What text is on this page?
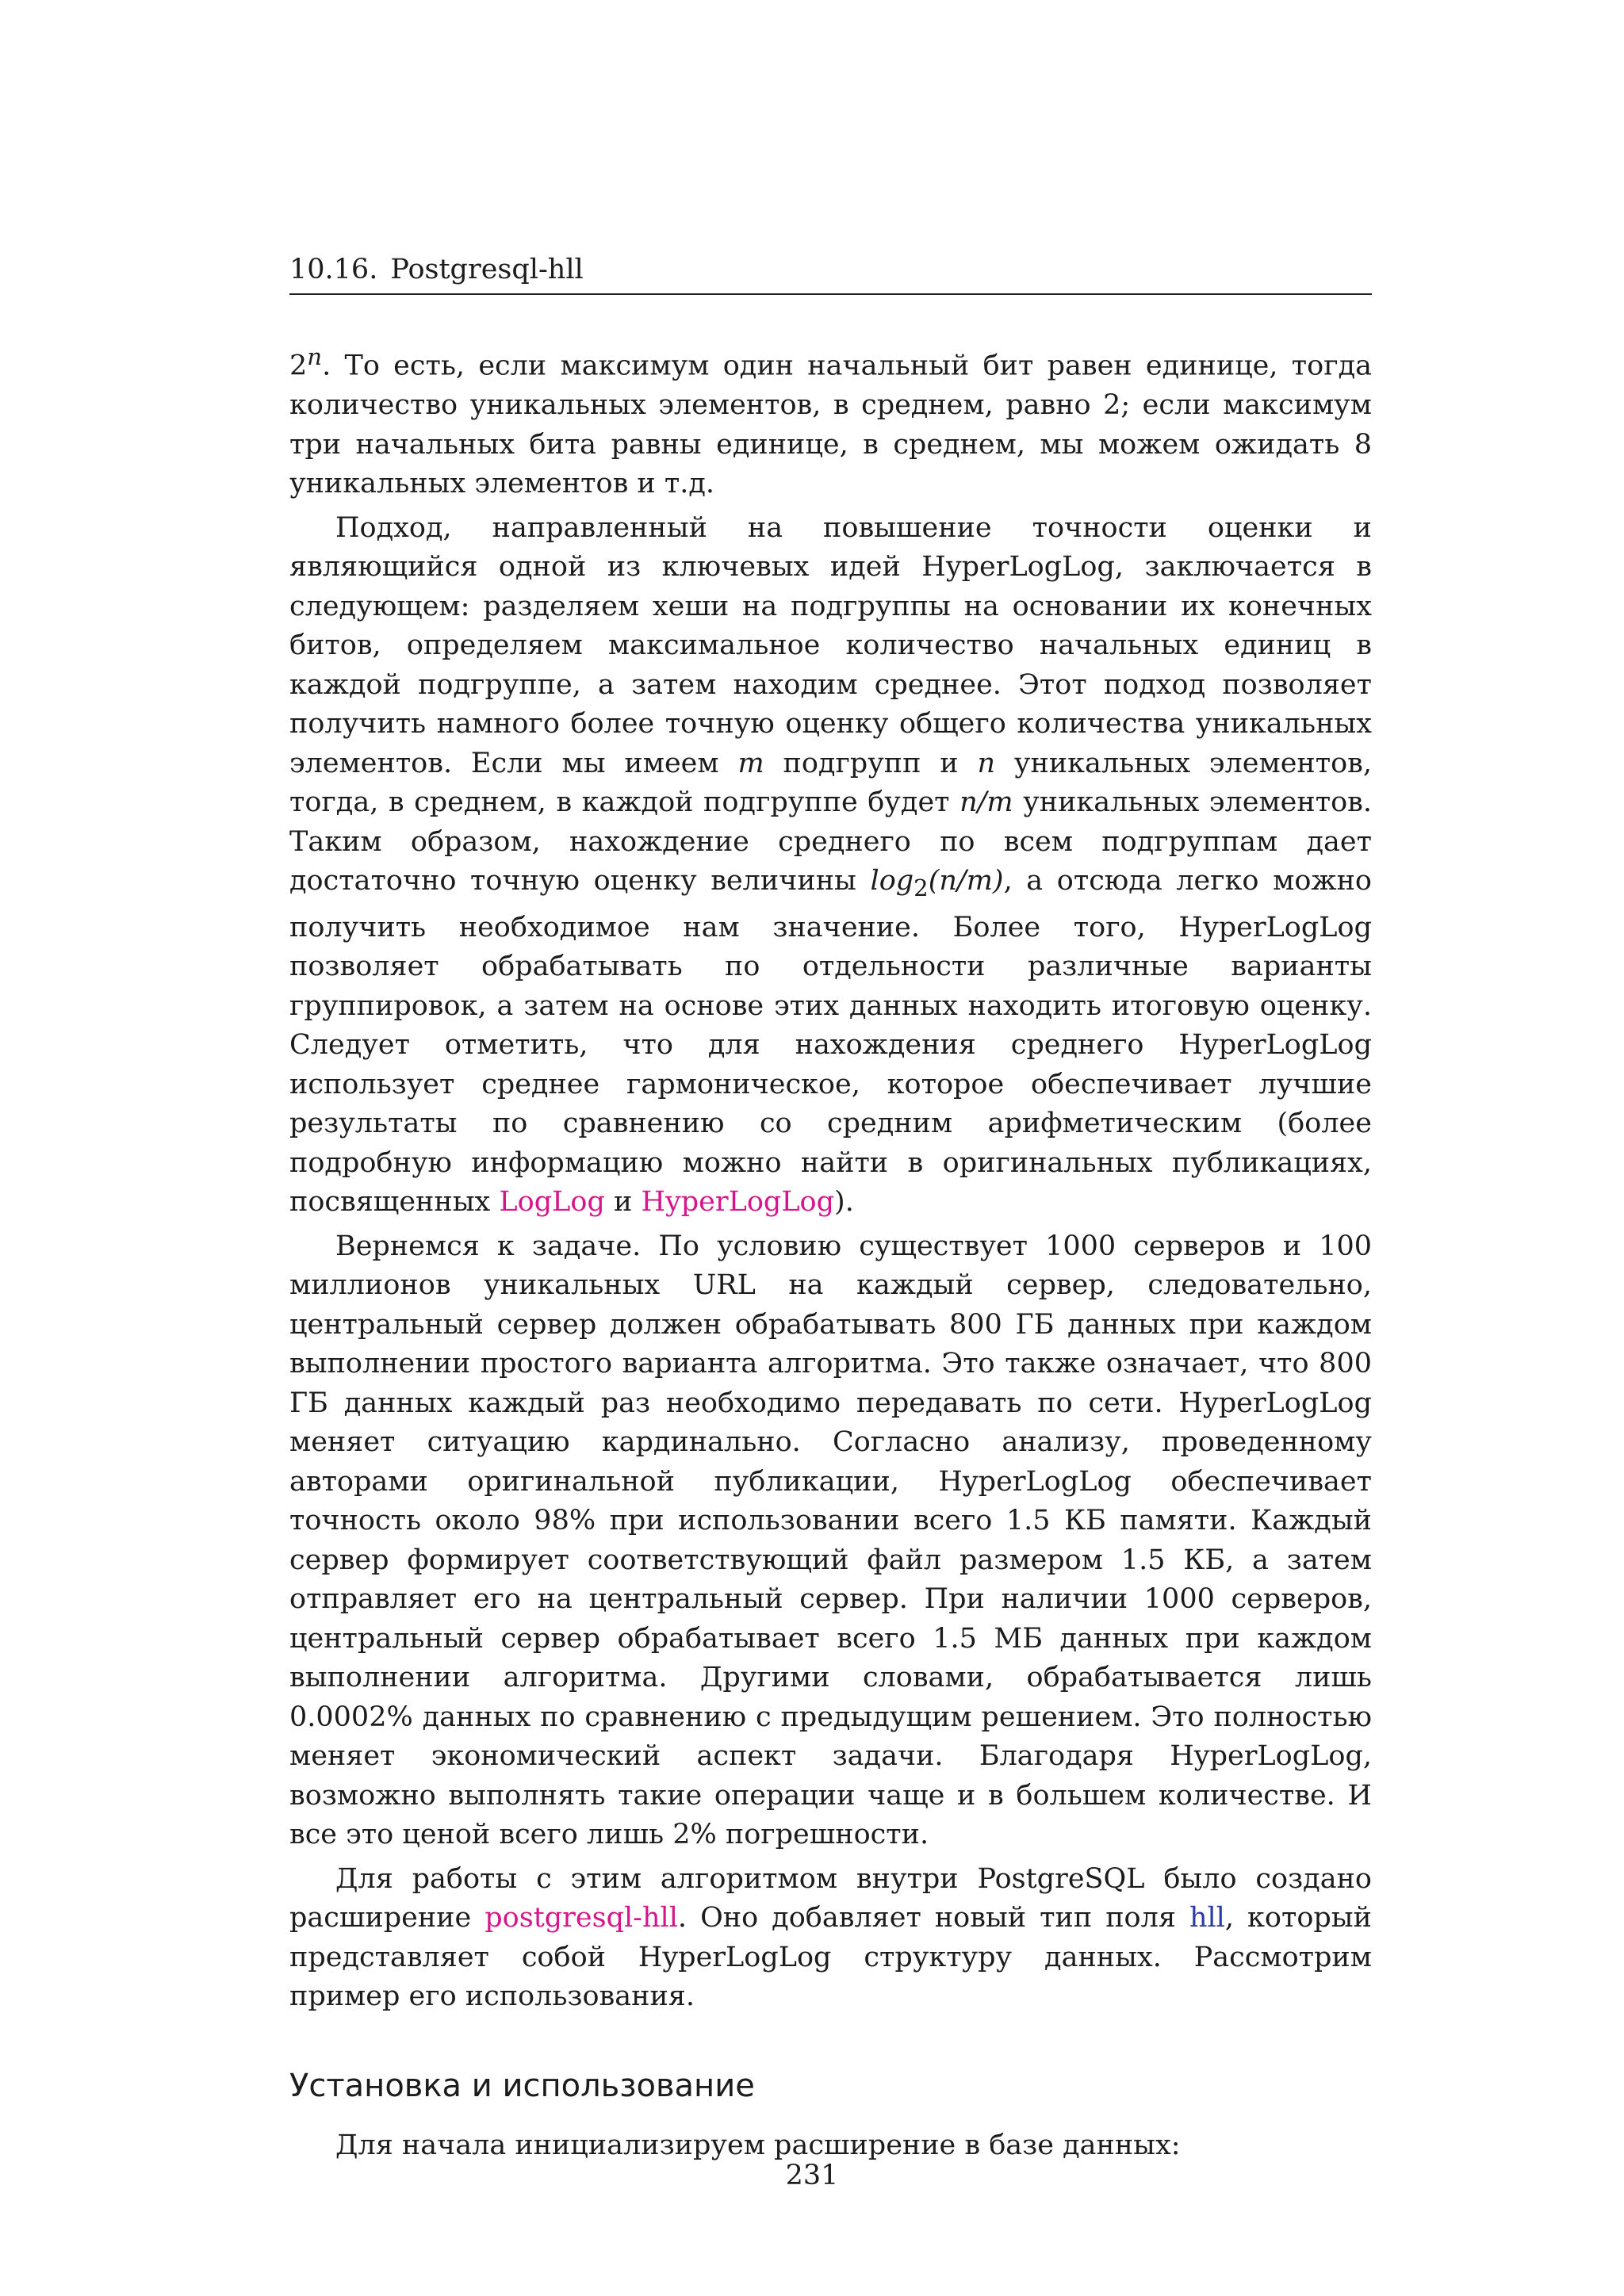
10.16. Postgresql-hll

2$^n$. То есть, если максимум один начальный бит равен единице, тогда количество уникальных элементов, в среднем, равно 2; если максимум три начальных бита равны единице, в среднем, мы можем ожидать 8 уникальных элементов и т.д.

Подход, направленный на повышение точности оценки и являющийся одной из ключевых идей HyperLogLog, заключается в следующем: разделяем хеши на подгруппы на основании их конечных битов, определяем максимальное количество начальных единиц в каждой подгруппе, а затем находим среднее. Этот подход позволяет получить намного более точную оценку общего количества уникальных элементов. Если мы имеем m подгрупп и n уникальных элементов, тогда, в среднем, в каждой подгруппе будет n/m уникальных элементов. Таким образом, нахождение среднего по всем подгруппам дает достаточно точную оценку величины $\log_2(n/m)$, а отсюда легко можно получить необходимое нам значение. Более того, HyperLogLog позволяет обрабатывать по отдельности различные варианты группировок, а затем на основе этих данных находить итоговую оценку. Следует отметить, что для нахождения среднего HyperLogLog использует среднее гармоническое, которое обеспечивает лучшие результаты по сравнению со средним арифметическим (более подробную информацию можно найти в оригинальных публикациях, посвященных LogLog и HyperLogLog).

Вернемся к задаче. По условию существует 1000 серверов и 100 миллионов уникальных URL на каждый сервер, следовательно, центральный сервер должен обрабатывать 800 ГБ данных при каждом выполнении простого варианта алгоритма. Это также означает, что 800 ГБ данных каждый раз необходимо передавать по сети. HyperLogLog меняет ситуацию кардинально. Согласно анализу, проведенному авторами оригинальной публикации, HyperLogLog обеспечивает точность около 98% при использовании всего 1.5 КБ памяти. Каждый сервер формирует соответствующий файл размером 1.5 КБ, а затем отправляет его на центральный сервер. При наличии 1000 серверов, центральный сервер обрабатывает всего 1.5 МБ данных при каждом выполнении алгоритма. Другими словами, обрабатывается лишь 0.0002% данных по сравнению с предыдущим решением. Это полностью меняет экономический аспект задачи. Благодаря HyperLogLog, возможно выполнять такие операции чаще и в большем количестве. И все это ценой всего лишь 2% погрешности.

Для работы с этим алгоритмом внутри PostgreSQL было создано расширение postgresql-hll. Оно добавляет новый тип поля hll, который представляет собой HyperLogLog структуру данных. Рассмотрим пример его использования.

Установка и использование

Для начала инициализируем расширение в базе данных:

231
